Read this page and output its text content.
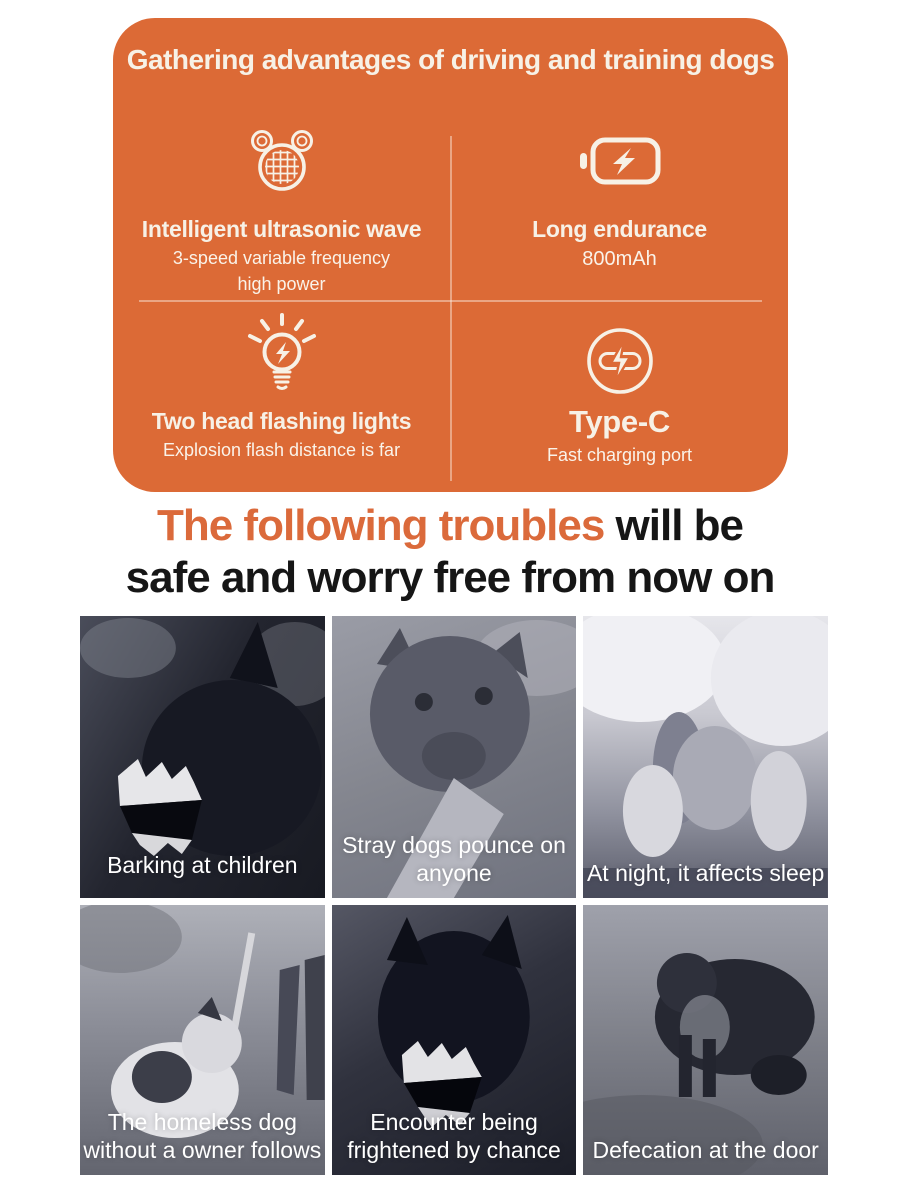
Gathering advantages of driving and training dogs
Intelligent ultrasonic wave
3-speed variable frequency
high power
Long endurance
800mAh
Two head flashing lights
Explosion flash distance is far
Type-C
Fast charging port
The following troubles will be
safe and worry free from now on
Barking at children
Stray dogs pounce on anyone	At night, it affects sleep
The homeless dog without a owner follows
Encounter being frightened by chance	Defecation at the door
